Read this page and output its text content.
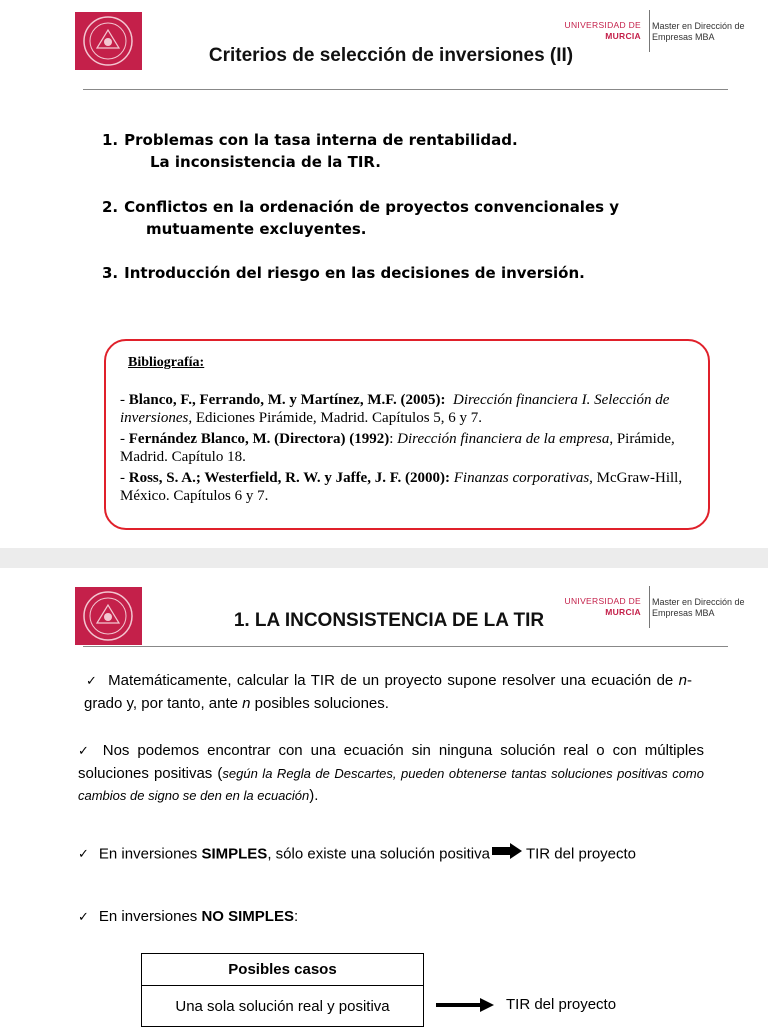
UNIVERSIDAD DE
MURCIA
Master en Dirección de
Empresas MBA
Criterios de selección de inversiones (II)
1. Problemas con la tasa interna de rentabilidad.
La inconsistencia de la TIR.
2. Conflictos en la ordenación de proyectos convencionales y
mutuamente excluyentes.
3. Introducción del riesgo en las decisiones de inversión.
Bibliografía:
- Blanco, F., Ferrando, M. y Martínez, M.F. (2005): Dirección financiera I. Selección de inversiones, Ediciones Pirámide, Madrid. Capítulos 5, 6 y 7.
- Fernández Blanco, M. (Directora) (1992): Dirección financiera de la empresa, Pirámide, Madrid. Capítulo 18.
- Ross, S. A.; Westerfield, R. W. y Jaffe, J. F. (2000): Finanzas corporativas, McGraw-Hill, México. Capítulos 6 y 7.
UNIVERSIDAD DE
MURCIA
Master en Dirección de
Empresas MBA
1. LA INCONSISTENCIA DE LA TIR
✓ Matemáticamente, calcular la TIR de un proyecto supone resolver una ecuación de n-grado y, por tanto, ante n posibles soluciones.
✓ Nos podemos encontrar con una ecuación sin ninguna solución real o con múltiples soluciones positivas (según la Regla de Descartes, pueden obtenerse tantas soluciones positivas como cambios de signo se den en la ecuación).
✓ En inversiones SIMPLES, sólo existe una solución positiva TIR del proyecto
✓ En inversiones NO SIMPLES:
Posibles casos
Una sola solución real y positiva	TIR del proyecto
